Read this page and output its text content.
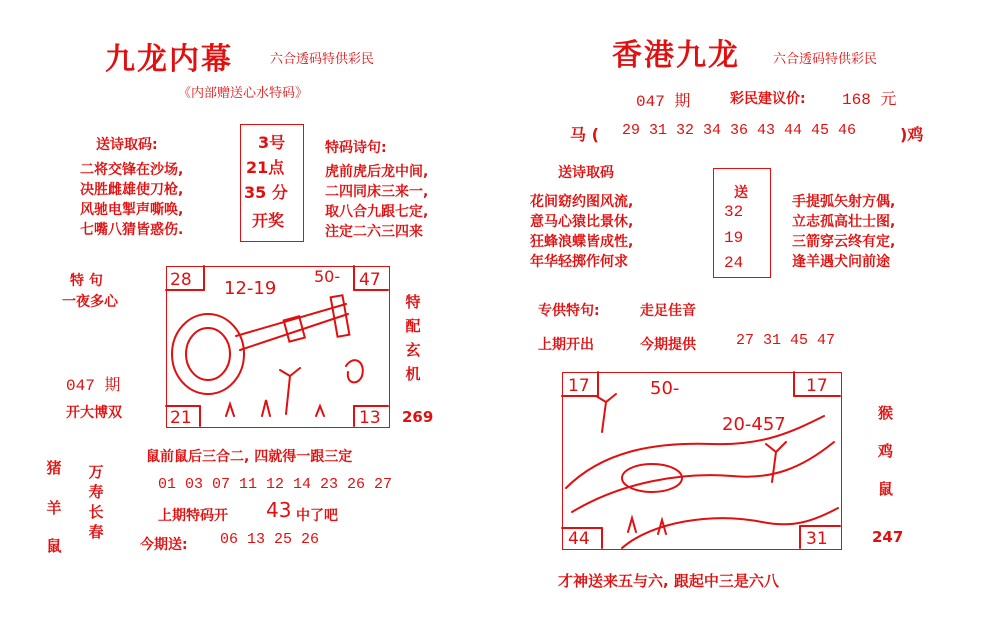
九龙内幕	六合透码特供彩民
《内部赠送心水特码》
送诗取码:
二将交锋在沙场,
决胜雌雄使刀枪,
风驰电掣声嘶唤,
七嘴八猜皆惑伤.
3号
21点
35 分
开奖
特码诗句:
虎前虎后龙中间,
二四同床三来一,
取八合九跟七定,
注定二六三四来
特 句
一夜多心
047 期
开大博双
28	47
21	13
12-19
50-
特配玄机
269
猪
羊
鼠
万寿长春
鼠前鼠后三合二, 四就得一跟三定
01 03 07 11 12 14 23 26 27
上期特码开 43 中了吧
今期送: 06 13 25 26
香港九龙	六合透码特供彩民
047 期	彩民建议价: 168 元
马 ( 29 31 32 34 36 43 44 45 46	)鸡
送诗取码
花间窈约图风流,
意马心猿比景休,
狂蜂浪蝶皆成性,
年华轻掷作何求
送
32
19
24
手提弧矢射方偶,
立志孤高壮士图,
三箭穿云终有定,
逢羊遇犬问前途
专供特句:	走足佳音
上期开出	今期提供	27 31 45 47
17	17
44	31
50-
20-457
猴
鸡
鼠
247
才神送来五与六, 跟起中三是六八
